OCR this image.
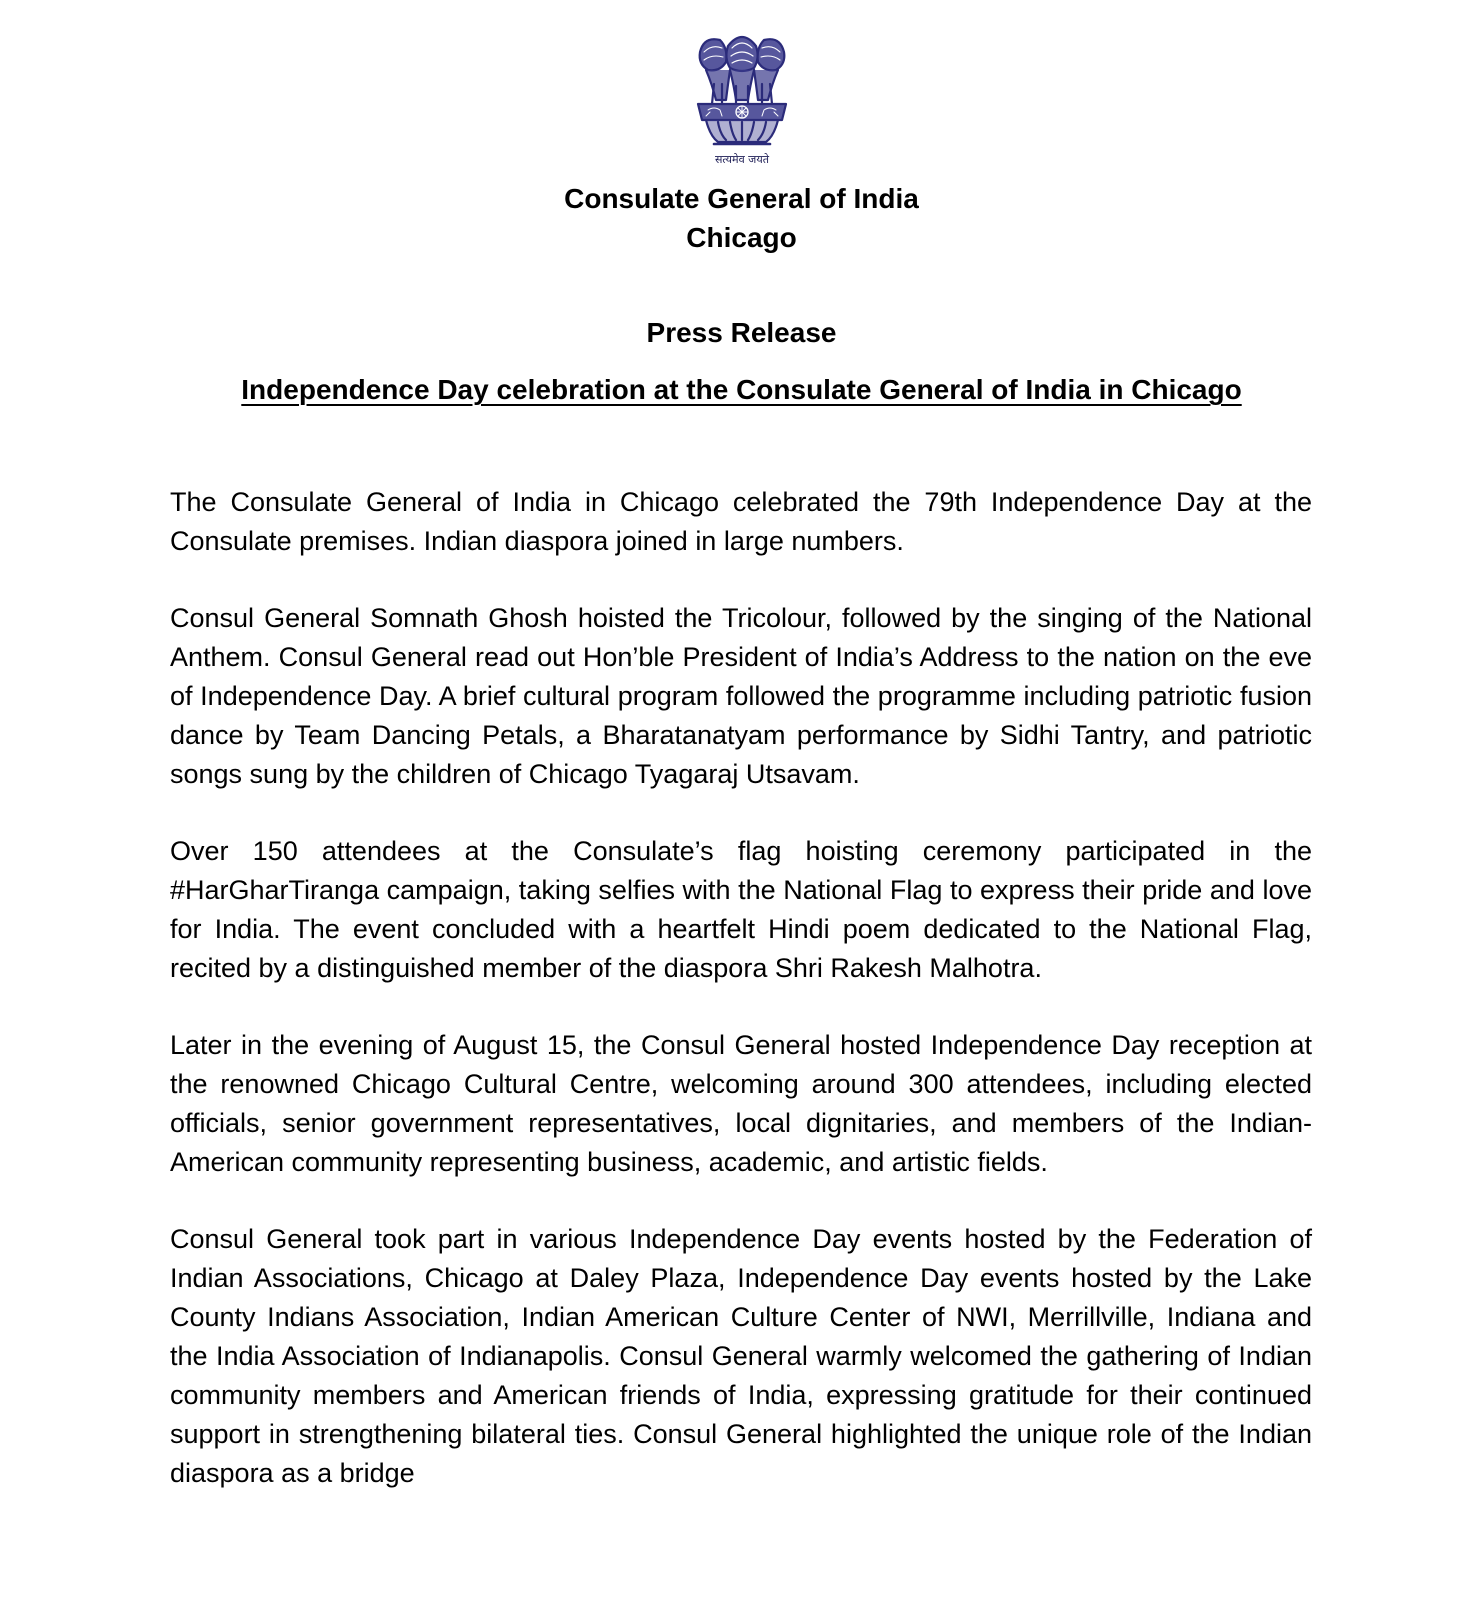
सत्यमेव जयते
Consulate General of India
Chicago
Press Release
Independence Day celebration at the Consulate General of India in Chicago

The Consulate General of India in Chicago celebrated the 79th Independence Day at the Consulate premises. Indian diaspora joined in large numbers.

Consul General Somnath Ghosh hoisted the Tricolour, followed by the singing of the National Anthem. Consul General read out Hon’ble President of India’s Address to the nation on the eve of Independence Day. A brief cultural program followed the programme including patriotic fusion dance by Team Dancing Petals, a Bharatanatyam performance by Sidhi Tantry, and patriotic songs sung by the children of Chicago Tyagaraj Utsavam.

Over 150 attendees at the Consulate’s flag hoisting ceremony participated in the #HarGharTiranga campaign, taking selfies with the National Flag to express their pride and love for India. The event concluded with a heartfelt Hindi poem dedicated to the National Flag, recited by a distinguished member of the diaspora Shri Rakesh Malhotra.

Later in the evening of August 15, the Consul General hosted Independence Day reception at the renowned Chicago Cultural Centre, welcoming around 300 attendees, including elected officials, senior government representatives, local dignitaries, and members of the Indian-American community representing business, academic, and artistic fields.

Consul General took part in various Independence Day events hosted by the Federation of Indian Associations, Chicago at Daley Plaza, Independence Day events hosted by the Lake County Indians Association, Indian American Culture Center of NWI, Merrillville, Indiana and the India Association of Indianapolis. Consul General warmly welcomed the gathering of Indian community members and American friends of India, expressing gratitude for their continued support in strengthening bilateral ties. Consul General highlighted the unique role of the Indian diaspora as a bridge
